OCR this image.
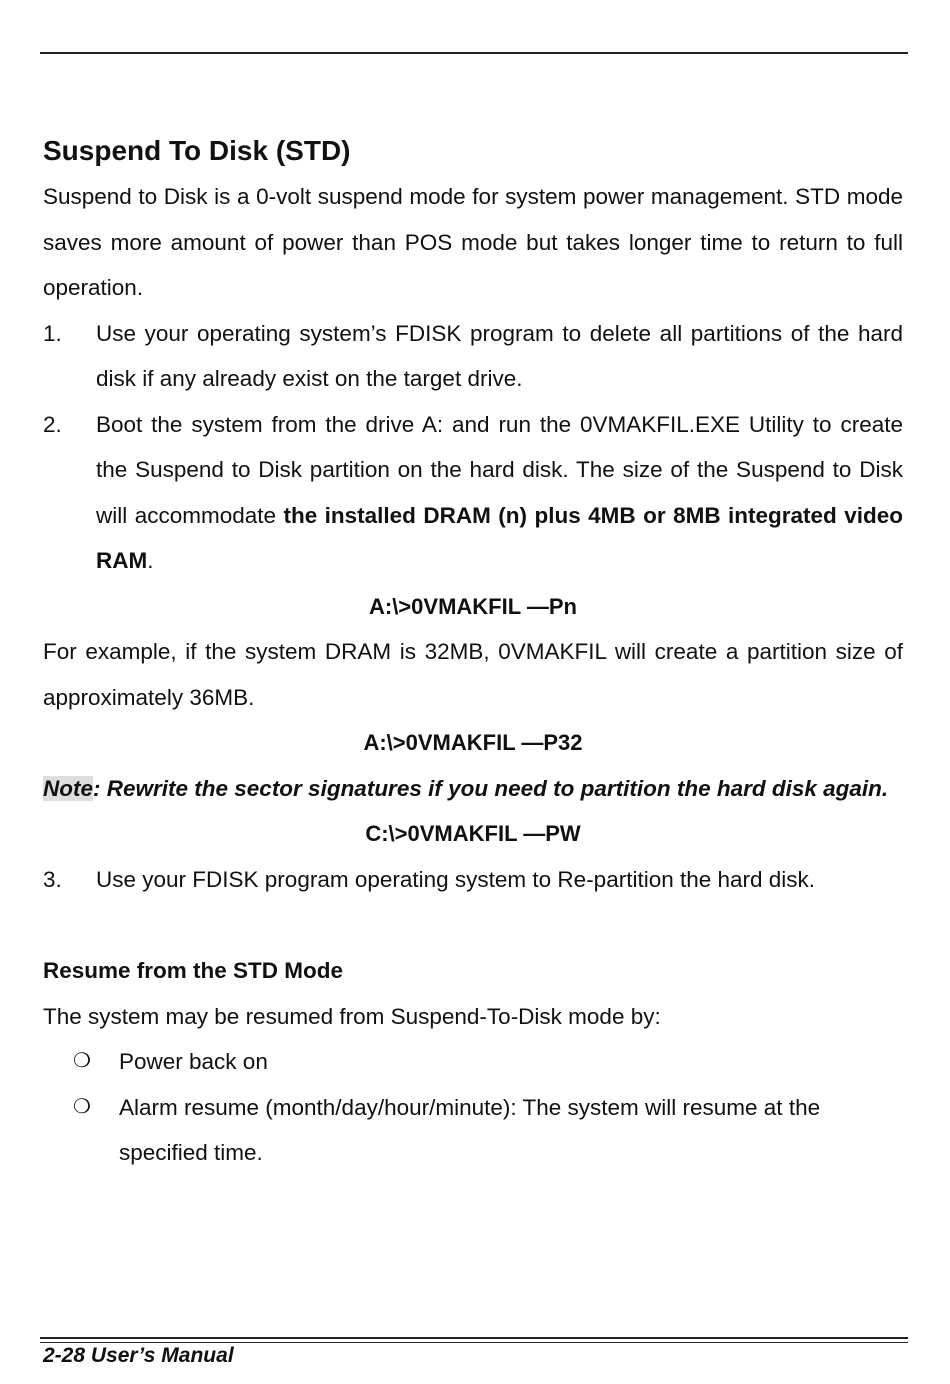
Suspend To Disk (STD)

Suspend to Disk is a 0-volt suspend mode for system power management. STD mode saves more amount of power than POS mode but takes longer time to return to full operation.

1.	Use your operating system’s FDISK program to delete all partitions of the hard disk if any already exist on the target drive.
2.	Boot the system from the drive A: and run the 0VMAKFIL.EXE Utility to create the Suspend to Disk partition on the hard disk. The size of the Suspend to Disk will accommodate the installed DRAM (n) plus 4MB or 8MB integrated video RAM.
A:\>0VMAKFIL —Pn

For example, if the system DRAM is 32MB, 0VMAKFIL will create a partition size of approximately 36MB.

A:\>0VMAKFIL —P32

Note: Rewrite the sector signatures if you need to partition the hard disk again.

C:\>0VMAKFIL —PW
3.	Use your FDISK program operating system to Re-partition the hard disk.
Resume from the STD Mode

The system may be resumed from Suspend-To-Disk mode by:

❍	Power back on
❍	Alarm resume (month/day/hour/minute): The system will resume at the specified time.
2-28 User’s Manual
